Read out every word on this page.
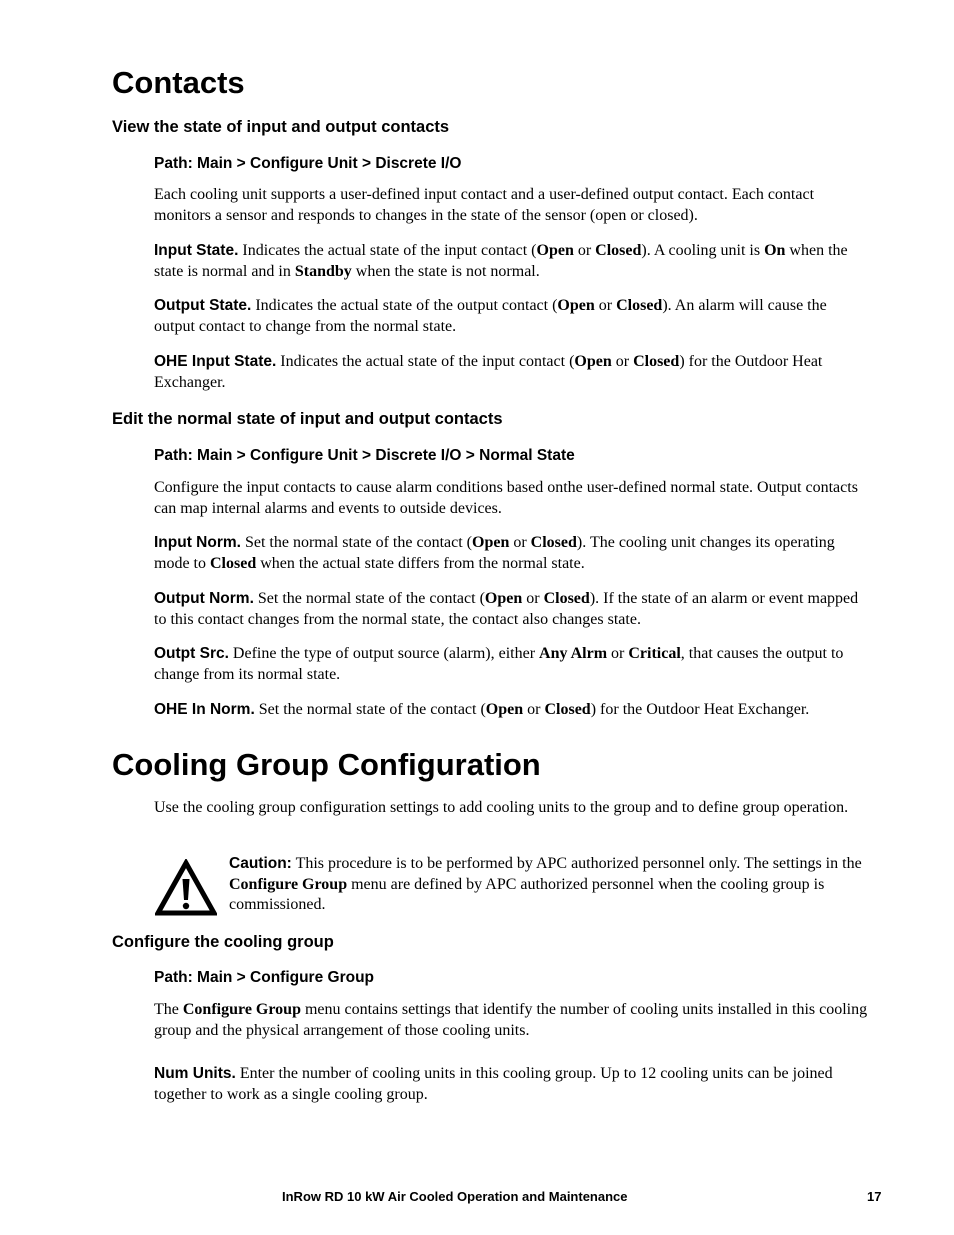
Contacts
View the state of input and output contacts

Path: Main > Configure Unit > Discrete I/O

Each cooling unit supports a user-defined input contact and a user-defined output contact. Each contact monitors a sensor and responds to changes in the state of the sensor (open or closed).

Input State. Indicates the actual state of the input contact (Open or Closed). A cooling unit is On when the state is normal and in Standby when the state is not normal.

Output State. Indicates the actual state of the output contact (Open or Closed). An alarm will cause the output contact to change from the normal state.

OHE Input State. Indicates the actual state of the input contact (Open or Closed) for the Outdoor Heat Exchanger.

Edit the normal state of input and output contacts

Path: Main > Configure Unit > Discrete I/O > Normal State

Configure the input contacts to cause alarm conditions based onthe user-defined normal state. Output contacts can map internal alarms and events to outside devices.

Input Norm. Set the normal state of the contact (Open or Closed). The cooling unit changes its operating mode to Closed when the actual state differs from the normal state.

Output Norm. Set the normal state of the contact (Open or Closed). If the state of an alarm or event mapped to this contact changes from the normal state, the contact also changes state.

Outpt Src. Define the type of output source (alarm), either Any Alrm or Critical, that causes the output to change from its normal state.

OHE In Norm. Set the normal state of the contact (Open or Closed) for the Outdoor Heat Exchanger.

Cooling Group Configuration

Use the cooling group configuration settings to add cooling units to the group and to define group operation.

Caution: This procedure is to be performed by APC authorized personnel only. The settings in the Configure Group menu are defined by APC authorized personnel when the cooling group is commissioned.

Configure the cooling group

Path: Main > Configure Group

The Configure Group menu contains settings that identify the number of cooling units installed in this cooling group and the physical arrangement of those cooling units.

Num Units. Enter the number of cooling units in this cooling group. Up to 12 cooling units can be joined together to work as a single cooling group.

InRow RD 10 kW Air Cooled Operation and Maintenance	17
